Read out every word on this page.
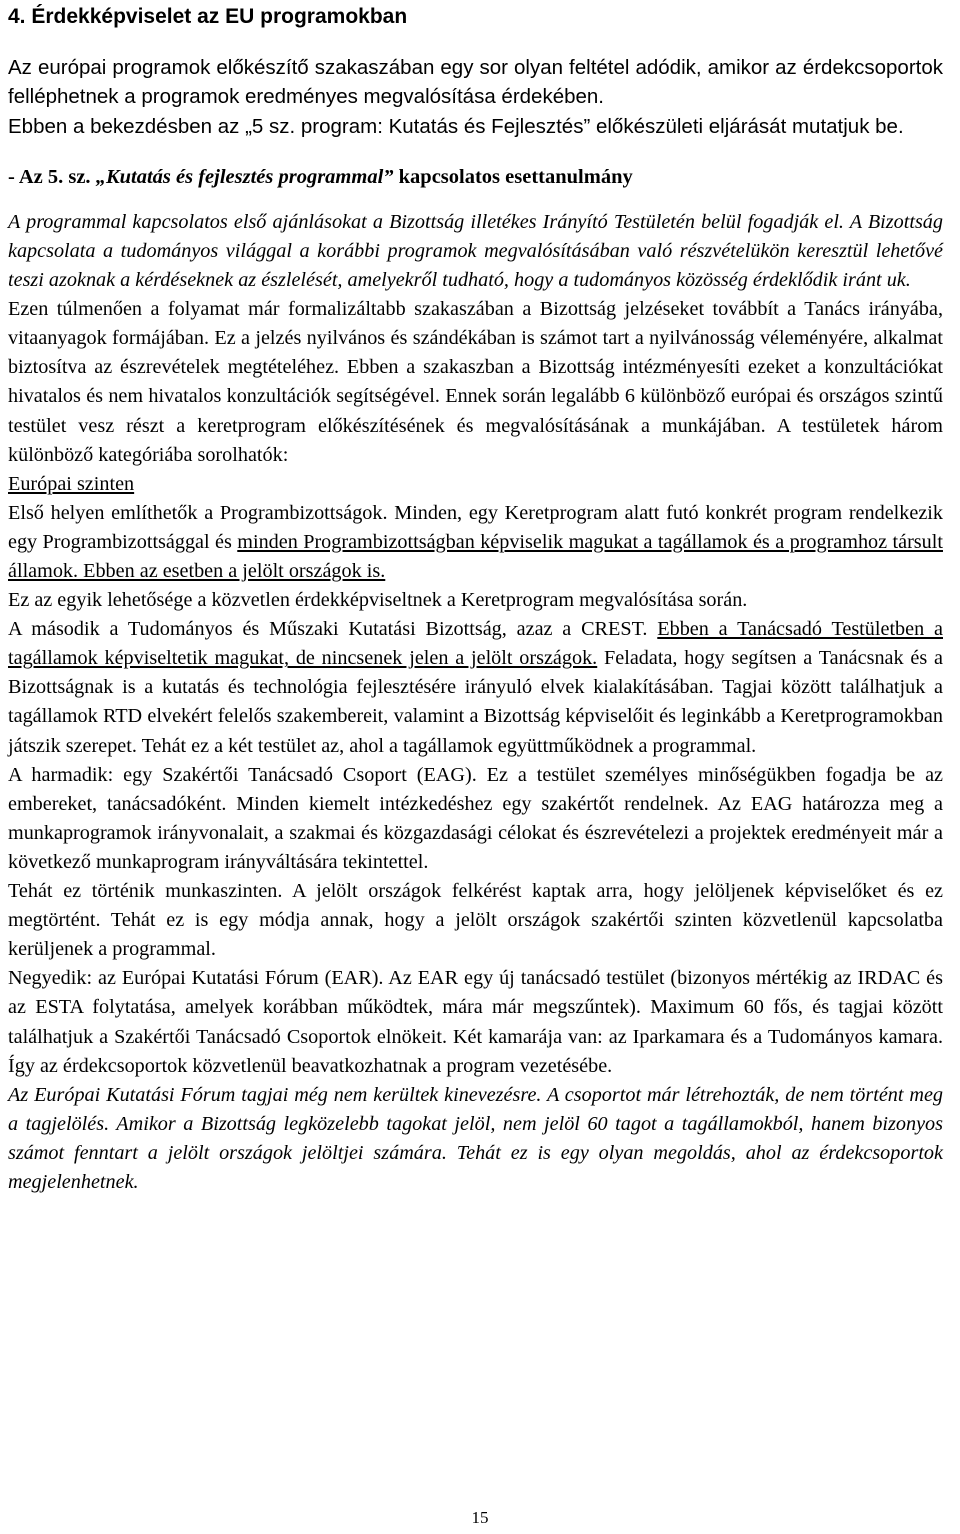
4. Érdekképviselet az EU programokban
Az európai programok előkészítő szakaszában egy sor olyan feltétel adódik, amikor az érdekcsoportok felléphetnek a programok eredményes megvalósítása érdekében.
Ebben a bekezdésben az „5 sz. program: Kutatás és Fejlesztés” előkészületi eljárását mutatjuk be.
- Az 5. sz. „Kutatás és fejlesztés programmal” kapcsolatos esettanulmány

A programmal kapcsolatos első ajánlásokat a Bizottság illetékes Irányító Testületén belül fogadják el. A Bizottság kapcsolata a tudományos világgal a korábbi programok megvalósításában való részvételükön keresztül lehetővé teszi azoknak a kérdéseknek az észlelését, amelyekről tudható, hogy a tudományos közösség érdeklődik iránt uk.

Ezen túlmenően a folyamat már formalizáltabb szakaszában a Bizottság jelzéseket továbbít a Tanács irányába, vitaanyagok formájában. Ez a jelzés nyilvános és szándékában is számot tart a nyilvánosság véleményére, alkalmat biztosítva az észrevételek megtételéhez. Ebben a szakaszban a Bizottság intézményesíti ezeket a konzultációkat hivatalos és nem hivatalos konzultációk segítségével. Ennek során legalább 6 különböző európai és országos szintű testület vesz részt a keretprogram előkészítésének és megvalósításának a munkájában. A testületek három különböző kategóriába sorolhatók:

Európai szinten

Első helyen említhetők a Programbizottságok. Minden, egy Keretprogram alatt futó konkrét program rendelkezik egy Programbizottsággal és minden Programbizottságban képviselik magukat a tagállamok és a programhoz társult államok. Ebben az esetben a jelölt országok is.

Ez az egyik lehetősége a közvetlen érdekképviseltnek a Keretprogram megvalósítása során.

A második a Tudományos és Műszaki Kutatási Bizottság, azaz a CREST. Ebben a Tanácsadó Testületben a tagállamok képviseltetik magukat, de nincsenek jelen a jelölt országok. Feladata, hogy segítsen a Tanácsnak és a Bizottságnak is a kutatás és technológia fejlesztésére irányuló elvek kialakításában. Tagjai között találhatjuk a tagállamok RTD elvekért felelős szakembereit, valamint a Bizottság képviselőit és leginkább a Keretprogramokban játszik szerepet. Tehát ez a két testület az, ahol a tagállamok együttműködnek a programmal.

A harmadik: egy Szakértői Tanácsadó Csoport (EAG). Ez a testület személyes minőségükben fogadja be az embereket, tanácsadóként. Minden kiemelt intézkedéshez egy szakértőt rendelnek. Az EAG határozza meg a munkaprogramok irányvonalait, a szakmai és közgazdasági célokat és észrevételezi a projektek eredményeit már a következő munkaprogram irányváltására tekintettel.

Tehát ez történik munkaszinten. A jelölt országok felkérést kaptak arra, hogy jelöljenek képviselőket és ez megtörtént. Tehát ez is egy módja annak, hogy a jelölt országok szakértői szinten közvetlenül kapcsolatba kerüljenek a programmal.

Negyedik: az Európai Kutatási Fórum (EAR). Az EAR egy új tanácsadó testület (bizonyos mértékig az IRDAC és az ESTA folytatása, amelyek korábban működtek, mára már megszűntek). Maximum 60 fős, és tagjai között találhatjuk a Szakértői Tanácsadó Csoportok elnökeit. Két kamarája van: az Iparkamara és a Tudományos kamara. Így az érdekcsoportok közvetlenül beavatkozhatnak a program vezetésébe.

Az Európai Kutatási Fórum tagjai még nem kerültek kinevezésre. A csoportot már létrehozták, de nem történt meg a tagjelölés. Amikor a Bizottság legközelebb tagokat jelöl, nem jelöl 60 tagot a tagállamokból, hanem bizonyos számot fenntart a jelölt országok jelöltjei számára. Tehát ez is egy olyan megoldás, ahol az érdekcsoportok megjelenhetnek.

15
